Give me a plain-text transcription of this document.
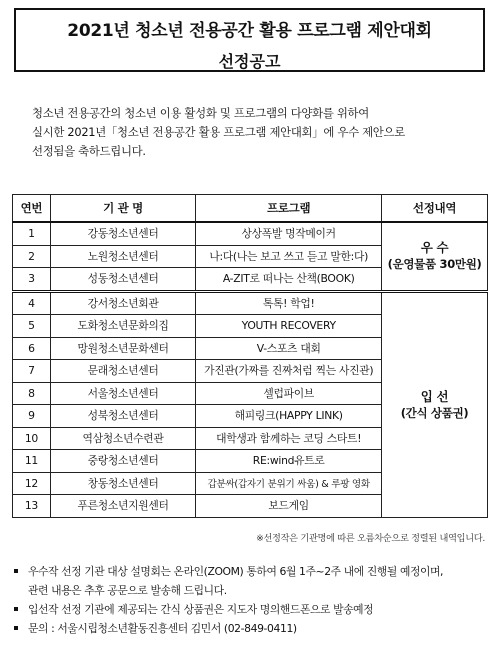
2021년 청소년 전용공간 활용 프로그램 제안대회
선정공고
청소년 전용공간의 청소년 이용 활성화 및 프로그램의 다양화를 위하여
실시한 2021년「청소년 전용공간 활용 프로그램 제안대회」에 우수 제안으로
선정됨을 축하드립니다.
연번	기 관 명	프로그램	선정내역
1	강동청소년센터	상상폭발 명작메이커	우 수
(운영물품 30만원)

2	노원청소년센터	나:다(나는 보고 쓰고 듣고 말한:다)	
3	성동청소년센터	A-ZIT로 떠나는 산책(BOOK)	
4	강서청소년회관	톡톡! 학업!	입 선
(간식 상품권)

5	도화청소년문화의집	YOUTH RECOVERY	
6	망원청소년문화센터	V-스포츠 대회	
7	문래청소년센터	가진관(가짜를 진짜처럼 찍는 사진관)	
8	서울청소년센터	셀럽파이브	
9	성북청소년센터	해피링크(HAPPY LINK)	
10	역삼청소년수련관	대학생과 함께하는 코딩 스타트!	
11	중랑청소년센터	RE:wind유트로	
12	창동청소년센터	갑분싸(갑자기 분위기 싸움) & 루팡 영화	
13	푸른청소년지원센터	보드게임	
※선정작은 기관명에 따른 오름차순으로 정렬된 내역입니다.
우수작 선정 기관 대상 설명회는 온라인(ZOOM) 통하여 6월 1주~2주 내에 진행될 예정이며,
관련 내용은 추후 공문으로 발송해 드립니다.
입선작 선정 기관에 제공되는 간식 상품권은 지도자 명의핸드폰으로 발송예정
문의 : 서울시립청소년활동진흥센터 김민서 (02-849-0411)
